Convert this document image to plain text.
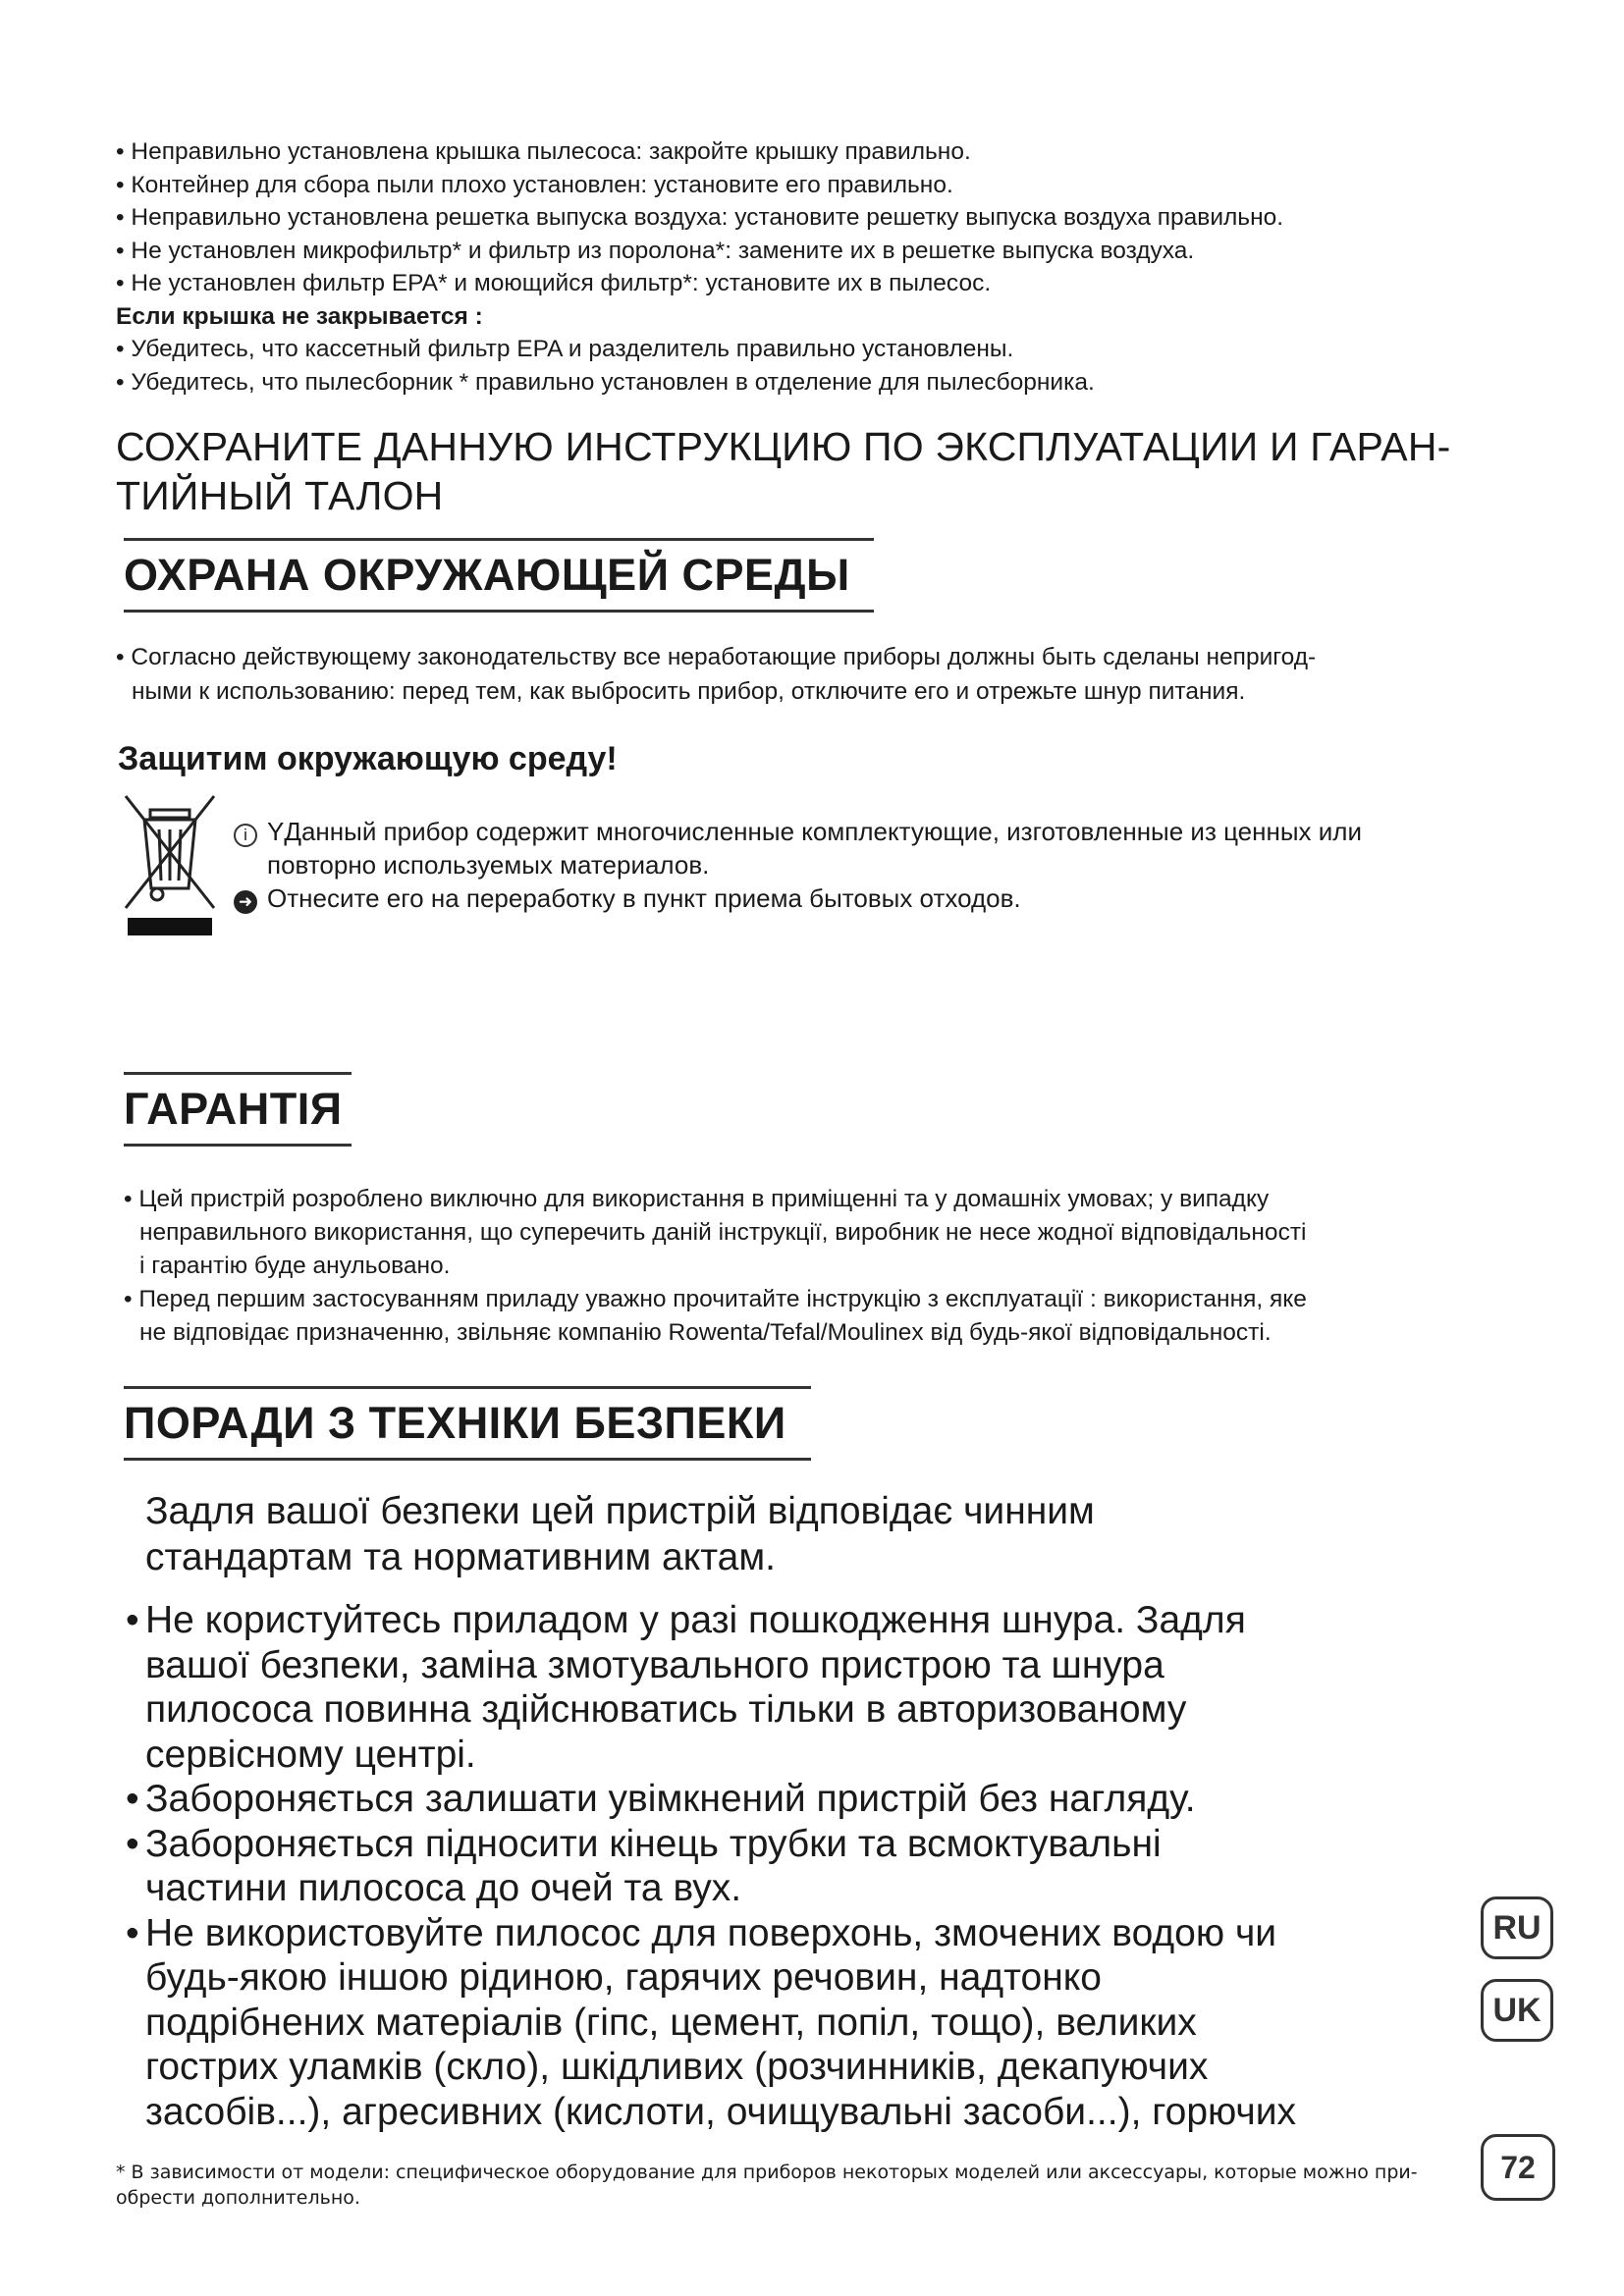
• Неправильно установлена крышка пылесоса: закройте крышку правильно.
• Контейнер для сбора пыли плохо установлен: установите его правильно.
• Неправильно установлена решетка выпуска воздуха: установите решетку выпуска воздуха правильно.
• Не установлен микрофильтр* и фильтр из поролона*: замените их в решетке выпуска воздуха.
• Не установлен фильтр EPA* и моющийся фильтр*: установите их в пылесос.
Если крышка не закрывается :
• Убедитесь, что кассетный фильтр EPA и разделитель правильно установлены.
• Убедитесь, что пылесборник * правильно установлен в отделение для пылесборника.
СОХРАНИТЕ ДАННУЮ ИНСТРУКЦИЮ ПО ЭКСПЛУАТАЦИИ И ГАРАН-ТИЙНЫЙ ТАЛОН
ОХРАНА ОКРУЖАЮЩЕЙ СРЕДЫ
• Согласно действующему законодательству все неработающие приборы должны быть сделаны непригод-
ными к использованию: перед тем, как выбросить прибор, отключите его и отрежьте шнур питания.
Защитим окружающую среду!
i YДанный прибор содержит многочисленные комплектующие, изготовленные из ценных или
повторно используемых материалов.
➜ Отнесите его на переработку в пункт приема бытовых отходов.
ГАРАНТІЯ
• Цей пристрій розроблено виключно для використання в приміщенні та у домашніх умовах; у випадку
неправильного використання, що суперечить даній інструкції, виробник не несе жодної відповідальності
і гарантію буде анульовано.
• Перед першим застосуванням приладу уважно прочитайте інструкцію з експлуатації : використання, яке
не відповідає призначенню, звільняє компанію Rowenta/Tefal/Moulinex від будь-якої відповідальності.
ПОРАДИ З ТЕХНІКИ БЕЗПЕКИ
Задля вашої безпеки цей пристрій відповідає чинним
стандартам та нормативним актам.
• Не користуйтесь приладом у разі пошкодження шнура. Задля
вашої безпеки, заміна змотувального пристрою та шнура
пилососа повинна здійснюватись тільки в авторизованому
сервісному центрі.
• Забороняється залишати увімкнений пристрій без нагляду.
• Забороняється підносити кінець трубки та всмоктувальні
частини пилососа до очей та вух.
• Не використовуйте пилосос для поверхонь, змочених водою чи
будь-якою іншою рідиною, гарячих речовин, надтонко
подрібнених матеріалів (гіпс, цемент, попіл, тощо), великих
гострих уламків (скло), шкідливих (розчинників, декапуючих
засобів...), агресивних (кислоти, очищувальні засоби...), горючих
RU
UK
* В зависимости от модели: специфическое оборудование для приборов некоторых моделей или аксессуары, которые можно при-
обрести дополнительно.
72
